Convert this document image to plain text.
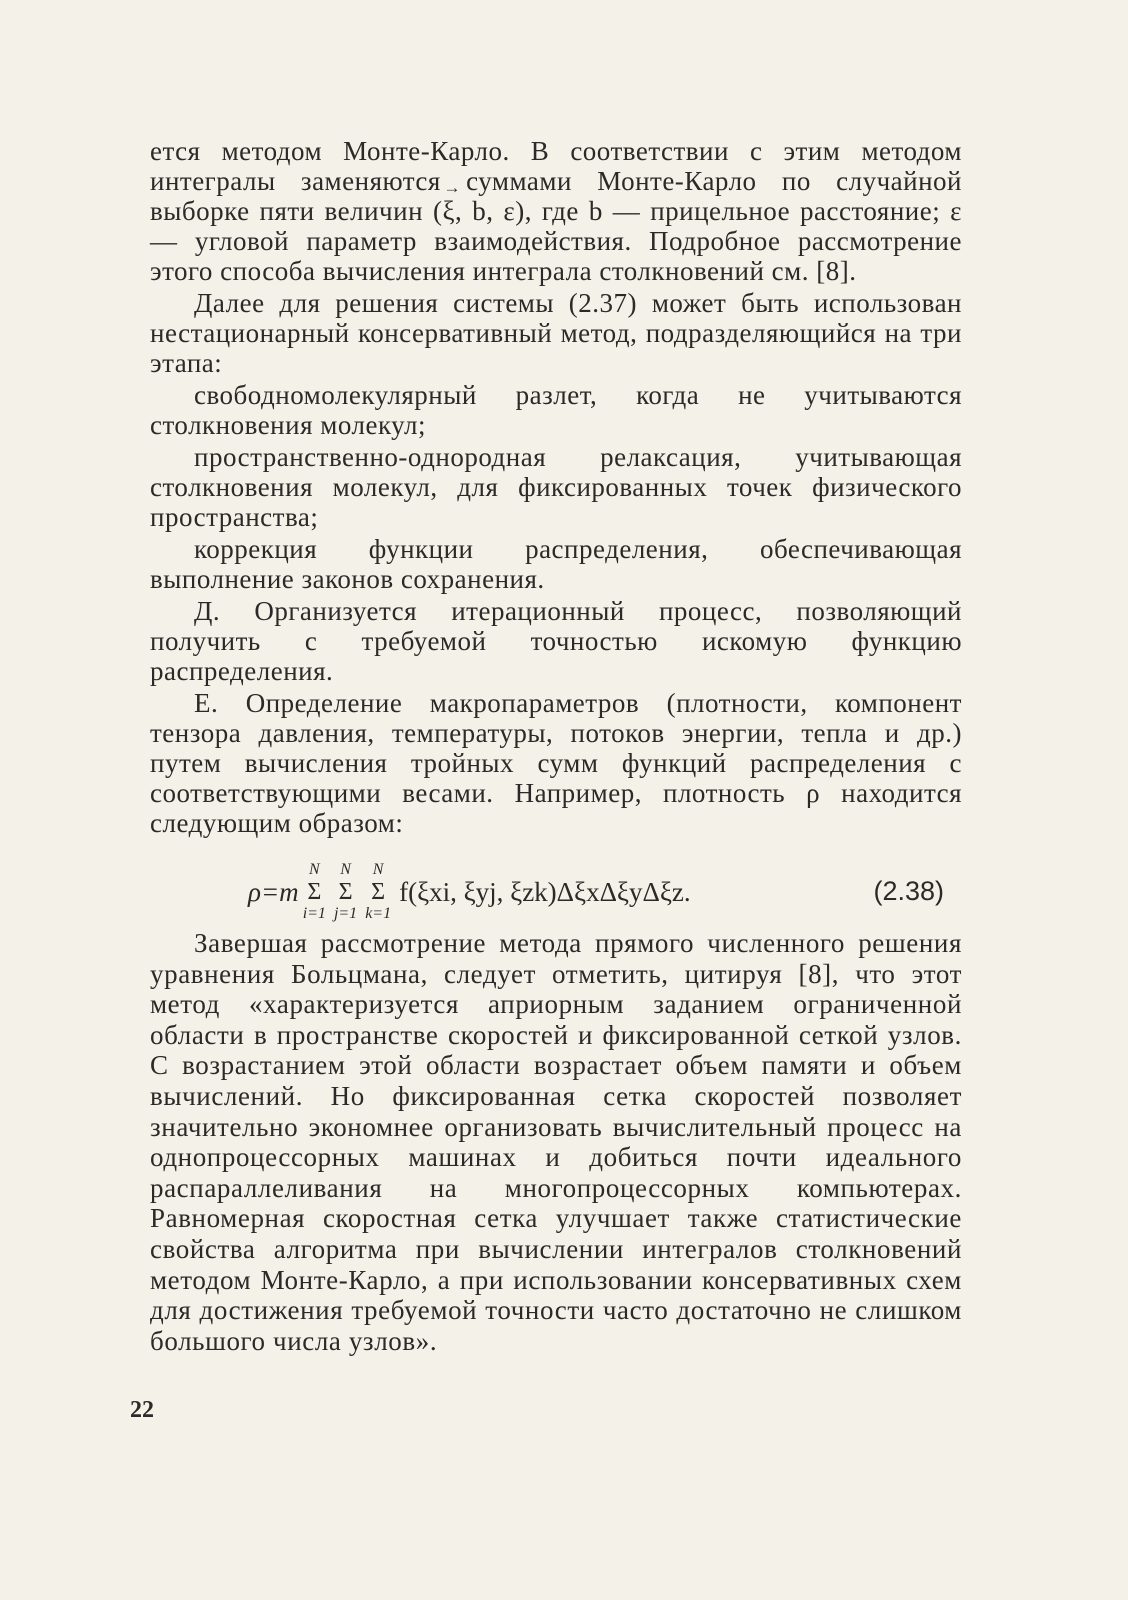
ется методом Монте-Карло. В соответствии с этим методом интегралы заменяются суммами Монте-Карло по случайной выборке пяти величин (→ ξ, b, ε), где b — прицельное расстояние; ε — угловой параметр взаимодействия. Подробное рассмотрение этого способа вычисления интеграла столкновений см. [8].

Далее для решения системы (2.37) может быть использован нестационарный консервативный метод, подразделяющийся на три этапа:

свободномолекулярный разлет, когда не учитываются столкновения молекул;

пространственно-однородная релаксация, учитывающая столкновения молекул, для фиксированных точек физического пространства;

коррекция функции распределения, обеспечивающая выполнение законов сохранения.

Д. Организуется итерационный процесс, позволяющий получить с требуемой точностью искомую функцию распределения.

Е. Определение макропараметров (плотности, компонент тензора давления, температуры, потоков энергии, тепла и др.) путем вычисления тройных сумм функций распределения с соответствующими весами. Например, плотность ρ находится следующим образом:

ρ=m
N
Σ
i=1
N
Σ
j=1
N
Σ
k=1
f(ξxi, ξyj, ξzk)ΔξxΔξyΔξz.	(2.38)

Завершая рассмотрение метода прямого численного решения уравнения Больцмана, следует отметить, цитируя [8], что этот метод «характеризуется априорным заданием ограниченной области в пространстве скоростей и фиксированной сеткой узлов. С возрастанием этой области возрастает объем памяти и объем вычислений. Но фиксированная сетка скоростей позволяет значительно экономнее организовать вычислительный процесс на однопроцессорных машинах и добиться почти идеального распараллеливания на многопроцессорных компьютерах. Равномерная скоростная сетка улучшает также статистические свойства алгоритма при вычислении интегралов столкновений методом Монте-Карло, а при использовании консервативных схем для достижения требуемой точности часто достаточно не слишком большого числа узлов».

22
